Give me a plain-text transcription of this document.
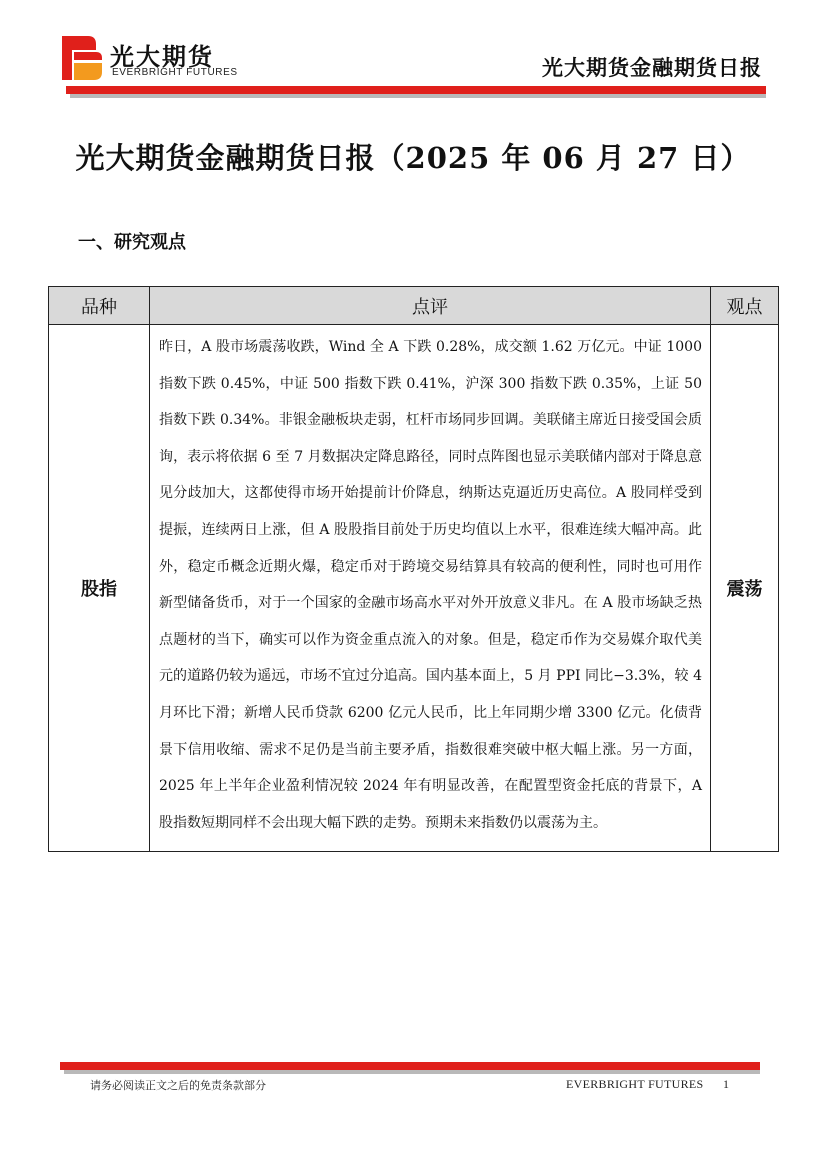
光大期货
EVERBRIGHT FUTURES	光大期货金融期货日报
光大期货金融期货日报（2025 年 06 月 27 日）
一、研究观点
品种	点评	观点
股指	昨日，A 股市场震荡收跌，Wind 全 A 下跌 0.28%，成交额 1.62 万亿元。中证 1000 指数下跌 0.45%，中证 500 指数下跌 0.41%，沪深 300 指数下跌 0.35%，上证 50 指数下跌 0.34%。非银金融板块走弱，杠杆市场同步回调。美联储主席近日接受国会质询，表示将依据 6 至 7 月数据决定降息路径，同时点阵图也显示美联储内部对于降息意见分歧加大，这都使得市场开始提前计价降息，纳斯达克逼近历史高位。A 股同样受到提振，连续两日上涨，但 A 股股指目前处于历史均值以上水平，很难连续大幅冲高。此外，稳定币概念近期火爆，稳定币对于跨境交易结算具有较高的便利性，同时也可用作新型储备货币，对于一个国家的金融市场高水平对外开放意义非凡。在 A 股市场缺乏热点题材的当下，确实可以作为资金重点流入的对象。但是，稳定币作为交易媒介取代美元的道路仍较为遥远，市场不宜过分追高。国内基本面上，5 月 PPI 同比−3.3%，较 4 月环比下滑；新增人民币贷款 6200 亿元人民币，比上年同期少增 3300 亿元。化债背景下信用收缩、需求不足仍是当前主要矛盾，指数很难突破中枢大幅上涨。另一方面，2025 年上半年企业盈利情况较 2024 年有明显改善，在配置型资金托底的背景下，A 股指数短期同样不会出现大幅下跌的走势。预期未来指数仍以震荡为主。	震荡
请务必阅读正文之后的免责条款部分	EVERBRIGHT FUTURES 1
